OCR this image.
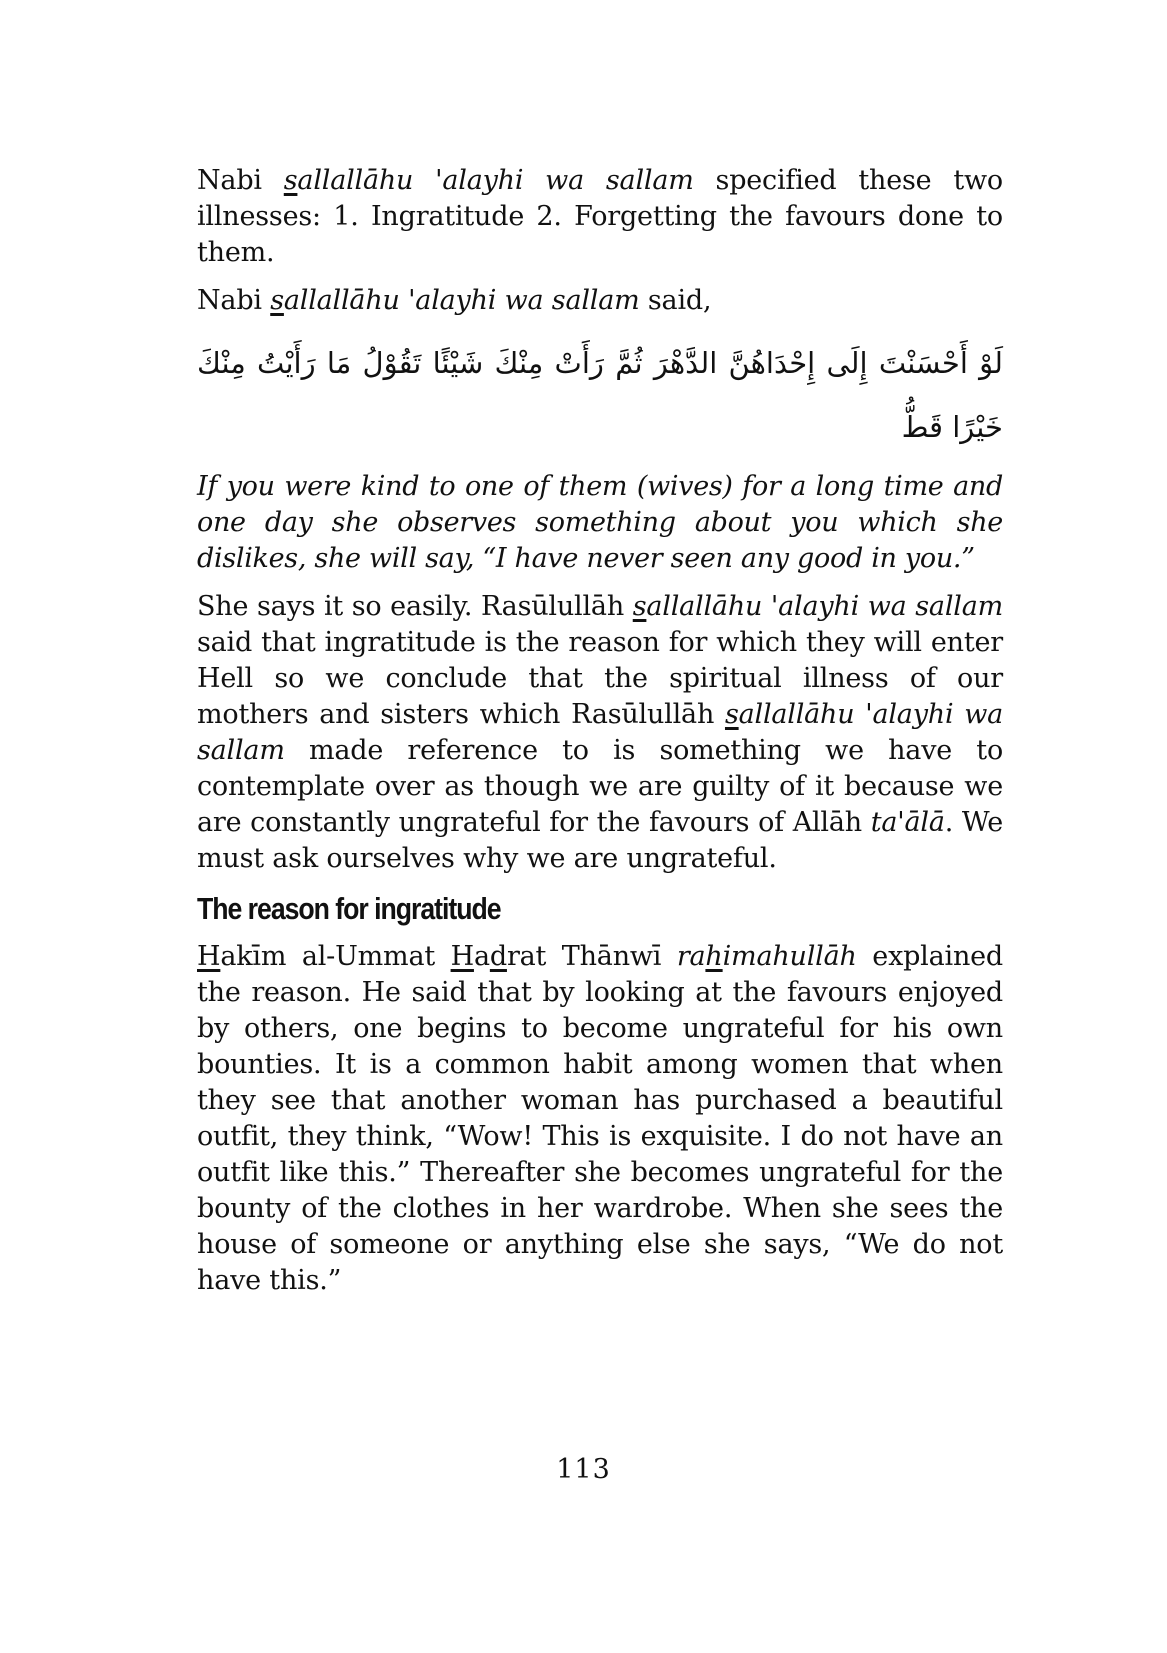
Nabi sallallāhu 'alayhi wa sallam specified these two illnesses: 1. Ingratitude 2. Forgetting the favours done to them.

Nabi sallallāhu 'alayhi wa sallam said,

لَوْ أَحْسَنْتَ إِلَى إِحْدَاهُنَّ الدَّهْرَ ثُمَّ رَأَتْ مِنْكَ شَيْئًا تَقُوْلُ مَا رَأَيْتُ مِنْكَ خَيْرًا قَطُّ

If you were kind to one of them (wives) for a long time and one day she observes something about you which she dislikes, she will say, “I have never seen any good in you.”

She says it so easily. Rasūlullāh sallallāhu 'alayhi wa sallam said that ingratitude is the reason for which they will enter Hell so we conclude that the spiritual illness of our mothers and sisters which Rasūlullāh sallallāhu 'alayhi wa sallam made reference to is something we have to contemplate over as though we are guilty of it because we are constantly ungrateful for the favours of Allāh ta'ālā. We must ask ourselves why we are ungrateful.

The reason for ingratitude

Hakīm al-Ummat Hadrat Thānwī rahimahullāh explained the reason. He said that by looking at the favours enjoyed by others, one begins to become ungrateful for his own bounties. It is a common habit among women that when they see that another woman has purchased a beautiful outfit, they think, “Wow! This is exquisite. I do not have an outfit like this.” Thereafter she becomes ungrateful for the bounty of the clothes in her wardrobe. When she sees the house of someone or anything else she says, “We do not have this.”

113
